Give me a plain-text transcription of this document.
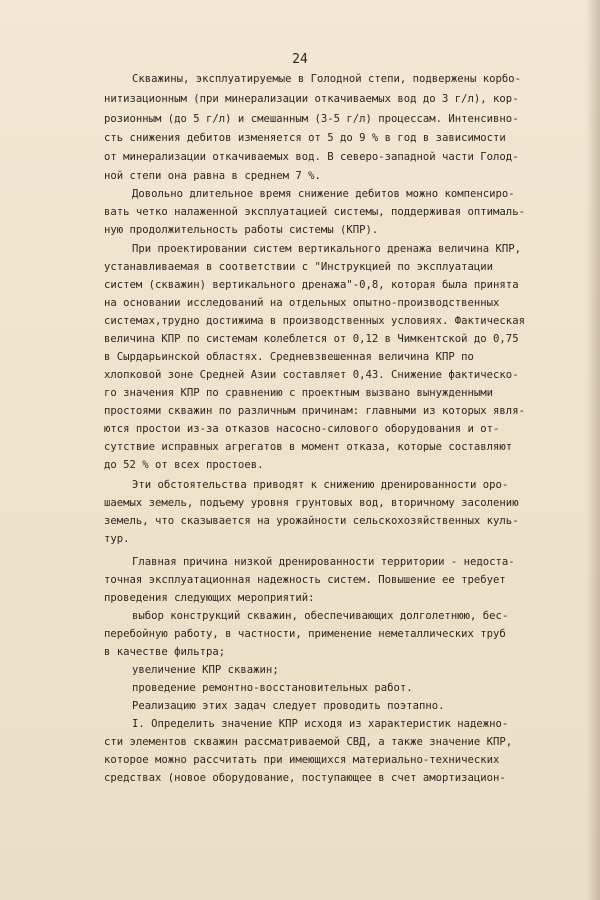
24
Скважины, эксплуатируемые в Голодной степи, подвержены корбо-
нитизационным (при минерализации откачиваемых вод до 3 г/л), кор-
розионным (до 5 г/л) и смешанным (3-5 г/л) процессам. Интенсивно-
сть снижения дебитов изменяется от 5 до 9 % в год в зависимости
от минерализации откачиваемых вод. В северо-западной части Голод-
ной степи она равна в среднем 7 %.
Довольно длительное время снижение дебитов можно компенсиро-
вать четко налаженной эксплуатацией системы, поддерживая оптималь-
ную продолжительность работы системы (КПР).
При проектировании систем вертикального дренажа величина КПР,
устанавливаемая в соответствии с "Инструкцией по эксплуатации
систем (скважин) вертикального дренажа"-0,8, которая была принята
на основании исследований на отдельных опытно-производственных
системах,трудно достижима в производственных условиях. Фактическая
величина КПР по системам колеблется от 0,12 в Чимкентской до 0,75
в Сырдарьинской областях. Средневзвешенная величина КПР по
хлопковой зоне Средней Азии составляет 0,43. Снижение фактическо-
го значения КПР по сравнению с проектным вызвано вынужденными
простоями скважин по различным причинам: главными из которых явля-
ются простои из-за отказов насосно-силового оборудования и от-
сутствие исправных агрегатов в момент отказа, которые составляют
до 52 % от всех простоев.
Эти обстоятельства приводят к снижению дренированности оро-
шаемых земель, подъему уровня грунтовых вод, вторичному засолению
земель, что сказывается на урожайности сельскохозяйственных куль-
тур.
Главная причина низкой дренированности территории - недоста-
точная эксплуатационная надежность систем. Повышение ее требует
проведения следующих мероприятий:
выбор конструкций скважин, обеспечивающих долголетнюю, бес-
перебойную работу, в частности, применение неметаллических труб
в качестве фильтра;
увеличение КПР скважин;
проведение ремонтно-восстановительных работ.
Реализацию этих задач следует проводить поэтапно.
I. Определить значение КПР исходя из характеристик надежно-
сти элементов скважин рассматриваемой СВД, а также значение КПР,
которое можно рассчитать при имеющихся материально-технических
средствах (новое оборудование, поступающее в счет амортизацион-
